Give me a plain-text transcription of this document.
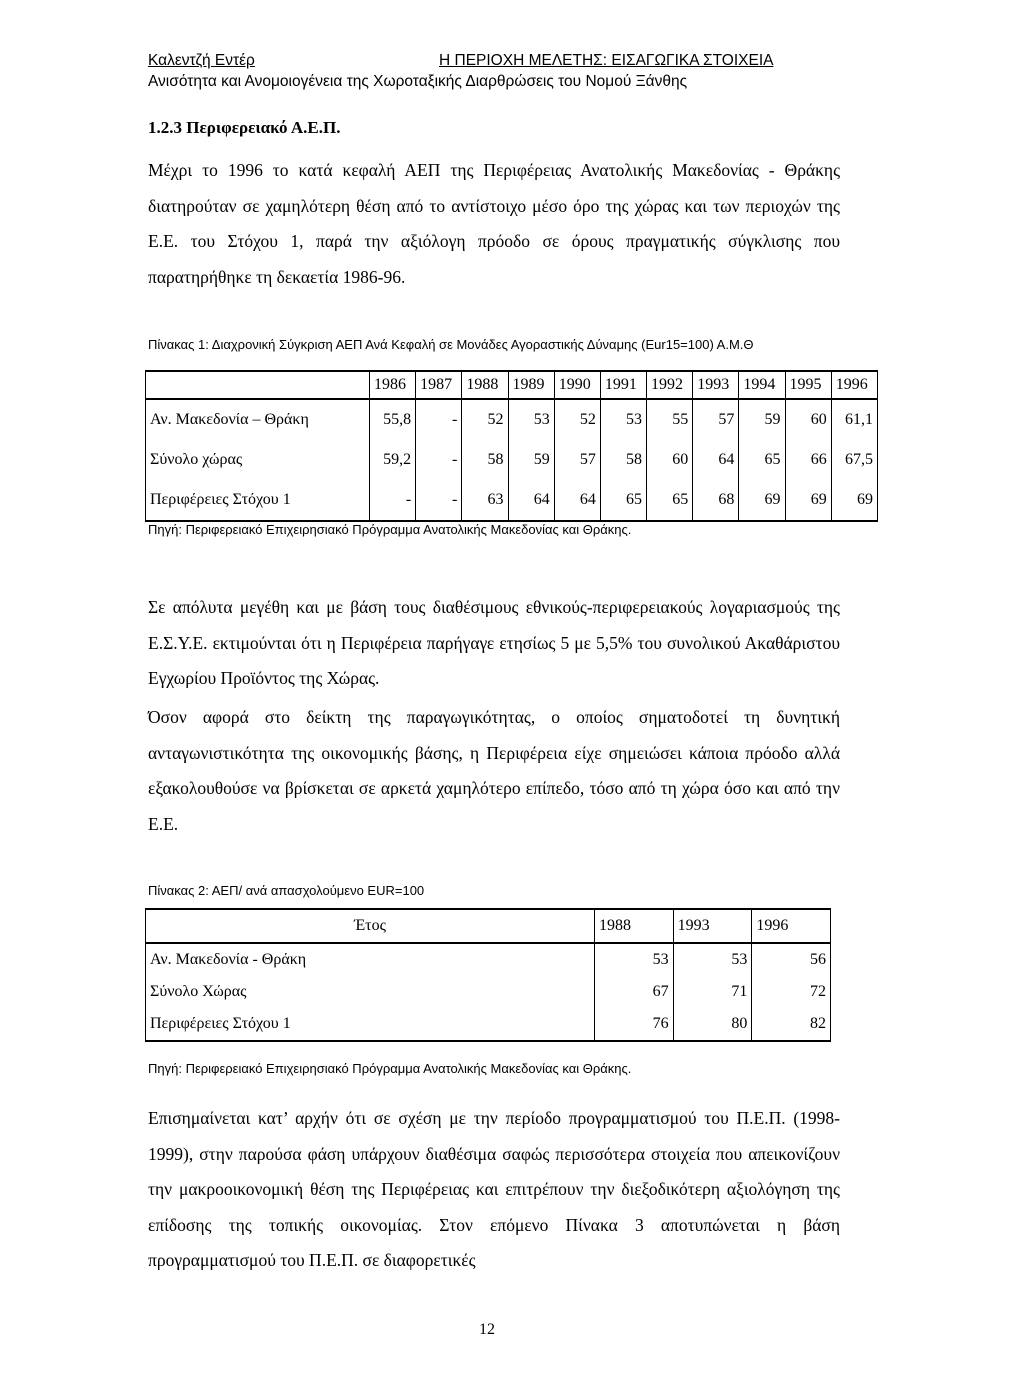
Καλεντζή Εντέρ	Η ΠΕΡΙΟΧΗ ΜΕΛΕΤΗΣ: ΕΙΣΑΓΩΓΙΚΑ ΣΤΟΙΧΕΙΑ
Ανισότητα και Ανομοιογένεια της Χωροταξικής Διαρθρώσεις του Νομού Ξάνθης
1.2.3 Περιφερειακό Α.Ε.Π.

Μέχρι το 1996 το κατά κεφαλή ΑΕΠ της Περιφέρειας Ανατολικής Μακεδονίας - Θράκης διατηρούταν σε χαμηλότερη θέση από το αντίστοιχο μέσο όρο της χώρας και των περιοχών της Ε.Ε. του Στόχου 1, παρά την αξιόλογη πρόοδο σε όρους πραγματικής σύγκλισης που παρατηρήθηκε τη δεκαετία 1986-96.

Πίνακας 1: Διαχρονική Σύγκριση ΑΕΠ Ανά Κεφαλή σε Μονάδες Αγοραστικής Δύναμης (Eur15=100) Α.Μ.Θ
	1986	1987	1988	1989	1990	1991	1992	1993	1994	1995	1996
Αν. Μακεδονία – Θράκη	55,8	-	52	53	52	53	55	57	59	60	61,1
Σύνολο χώρας	59,2	-	58	59	57	58	60	64	65	66	67,5
Περιφέρειες Στόχου 1	-	-	63	64	64	65	65	68	69	69	69
Πηγή: Περιφερειακό Επιχειρησιακό Πρόγραμμα Ανατολικής Μακεδονίας και Θράκης.

Σε απόλυτα μεγέθη και με βάση τους διαθέσιμους εθνικούς-περιφερειακούς λογαριασμούς της Ε.Σ.Υ.Ε. εκτιμούνται ότι η Περιφέρεια παρήγαγε ετησίως 5 με 5,5% του συνολικού Ακαθάριστου Εγχωρίου Προϊόντος της Χώρας.

Όσον αφορά στο δείκτη της παραγωγικότητας, ο οποίος σηματοδοτεί τη δυνητική ανταγωνιστικότητα της οικονομικής βάσης, η Περιφέρεια είχε σημειώσει κάποια πρόοδο αλλά εξακολουθούσε να βρίσκεται σε αρκετά χαμηλότερο επίπεδο, τόσο από τη χώρα όσο και από την Ε.Ε.

Πίνακας 2: ΑΕΠ/ ανά απασχολούμενο EUR=100
Έτος	1988	1993	1996
Αν. Μακεδονία - Θράκη	53	53	56
Σύνολο Χώρας	67	71	72
Περιφέρειες Στόχου 1	76	80	82
Πηγή: Περιφερειακό Επιχειρησιακό Πρόγραμμα Ανατολικής Μακεδονίας και Θράκης.

Επισημαίνεται κατ’ αρχήν ότι σε σχέση με την περίοδο προγραμματισμού του Π.Ε.Π. (1998-1999), στην παρούσα φάση υπάρχουν διαθέσιμα σαφώς περισσότερα στοιχεία που απεικονίζουν την μακροοικονομική θέση της Περιφέρειας και επιτρέπουν την διεξοδικότερη αξιολόγηση της επίδοσης της τοπικής οικονομίας. Στον επόμενο Πίνακα 3 αποτυπώνεται η βάση προγραμματισμού του Π.Ε.Π. σε διαφορετικές

12
